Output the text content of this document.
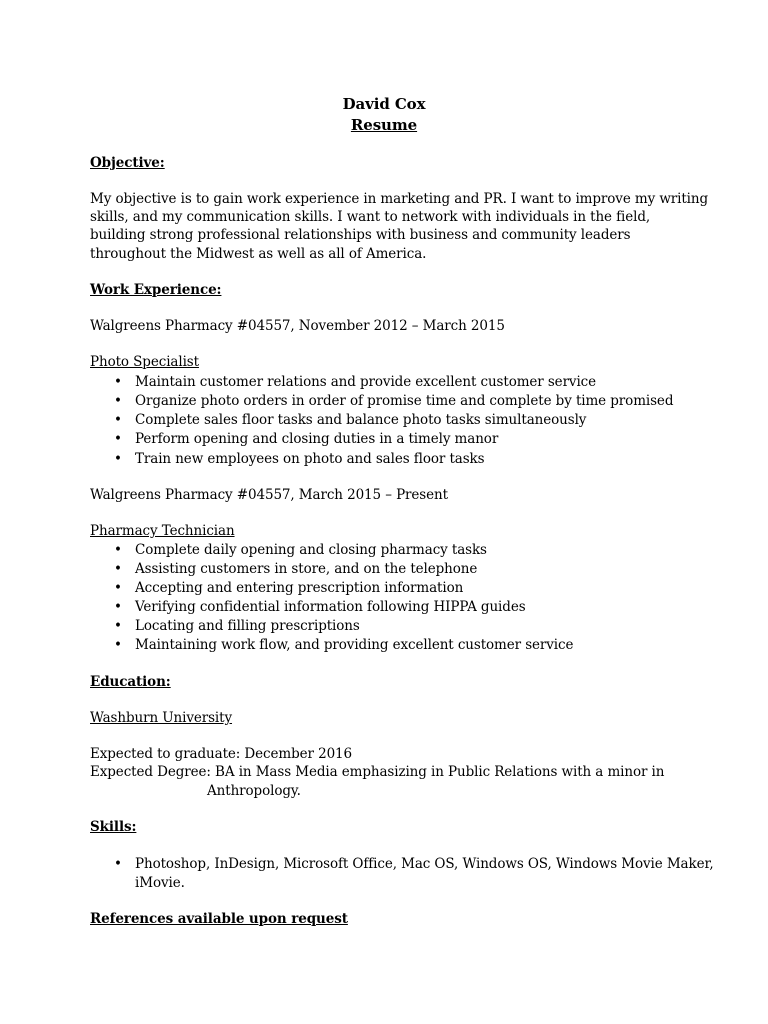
David Cox
Resume
Objective:
My objective is to gain work experience in marketing and PR. I want to improve my writing
skills, and my communication skills. I want to network with individuals in the field,
building strong professional relationships with business and community leaders
throughout the Midwest as well as all of America.
Work Experience:
Walgreens Pharmacy #04557, November 2012 – March 2015
Photo Specialist
• Maintain customer relations and provide excellent customer service
• Organize photo orders in order of promise time and complete by time promised
• Complete sales floor tasks and balance photo tasks simultaneously
• Perform opening and closing duties in a timely manor
• Train new employees on photo and sales floor tasks
Walgreens Pharmacy #04557, March 2015 – Present
Pharmacy Technician
• Complete daily opening and closing pharmacy tasks
• Assisting customers in store, and on the telephone
• Accepting and entering prescription information
• Verifying confidential information following HIPPA guides
• Locating and filling prescriptions
• Maintaining work flow, and providing excellent customer service
Education:
Washburn University
Expected to graduate: December 2016
Expected Degree: BA in Mass Media emphasizing in Public Relations with a minor in
Anthropology.
Skills:
• Photoshop, InDesign, Microsoft Office, Mac OS, Windows OS, Windows Movie Maker,
iMovie.
References available upon request
